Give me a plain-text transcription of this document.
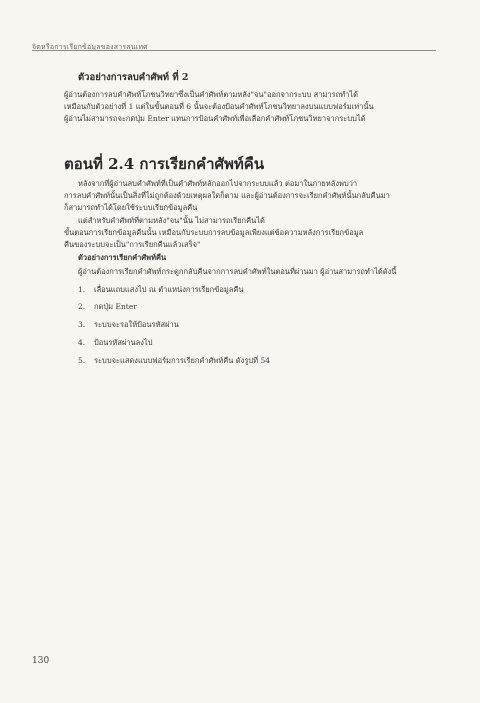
จิตหรือการเรียกข้อมูลของสารสนเทศ
ตัวอย่างการลบคำศัพท์ ที่ 2
ผู้อ่านต้องการลบคำศัพท์โภชนวิทยาซึ่งเป็นคำศัพท์ตามหลัง"จน"ออกจากระบบ สามารถทำได้
เหมือนกับตัวอย่างที่ 1 แต่ในขั้นตอนที่ 6 นั้นจะต้องป้อนคำศัพท์โภชนวิทยาลงบนแบบฟอร์มเท่านั้น
ผู้อ่านไม่สามารถจะกดปุ่ม Enter แทนการป้อนคำศัพท์เพื่อเลือกคำศัพท์โภชนวิทยาจากระบบได้
ตอนที่ 2.4 การเรียกคำศัพท์คืน
หลังจากที่ผู้อ่านลบคำศัพท์ที่เป็นคำศัพท์หลักออกไปจากระบบแล้ว ต่อมาในภายหลังพบว่า
การลบคำศัพท์นั้นเป็นสิ่งที่ไม่ถูกต้องด้วยเหตุผลใดก็ตาม และผู้อ่านต้องการจะเรียกคำศัพท์นั้นกลับคืนมา
ก็สามารถทำได้โดยใช้ระบบเรียกข้อมูลคืน
แต่สำหรับคำศัพท์ที่ตามหลัง"จน"นั้น ไม่สามารถเรียกคืนได้
ขั้นตอนการเรียกข้อมูลคืนนั้น เหมือนกับระบบการลบข้อมูลเพียงแต่ข้อความหลังการเรียกข้อมูล
คืนของระบบจะเป็น"การเรียกคืนแล้วเสร็จ"
ตัวอย่างการเรียกคำศัพท์คืน
ผู้อ่านต้องการเรียกคำศัพท์กระดูกกลับคืนจากการลบคำศัพท์ในตอนที่ผ่านมา ผู้อ่านสามารถทำได้ดังนี้
1. เลื่อนแถบแสงไป ณ ตำแหน่งการเรียกข้อมูลคืน
2. กดปุ่ม Enter
3. ระบบจะรอให้ป้อนรหัสผ่าน
4. ป้อนรหัสผ่านลงไป
5. ระบบจะแสดงแบบฟอร์มการเรียกคำศัพท์คืน ดังรูปที่ 54
130
